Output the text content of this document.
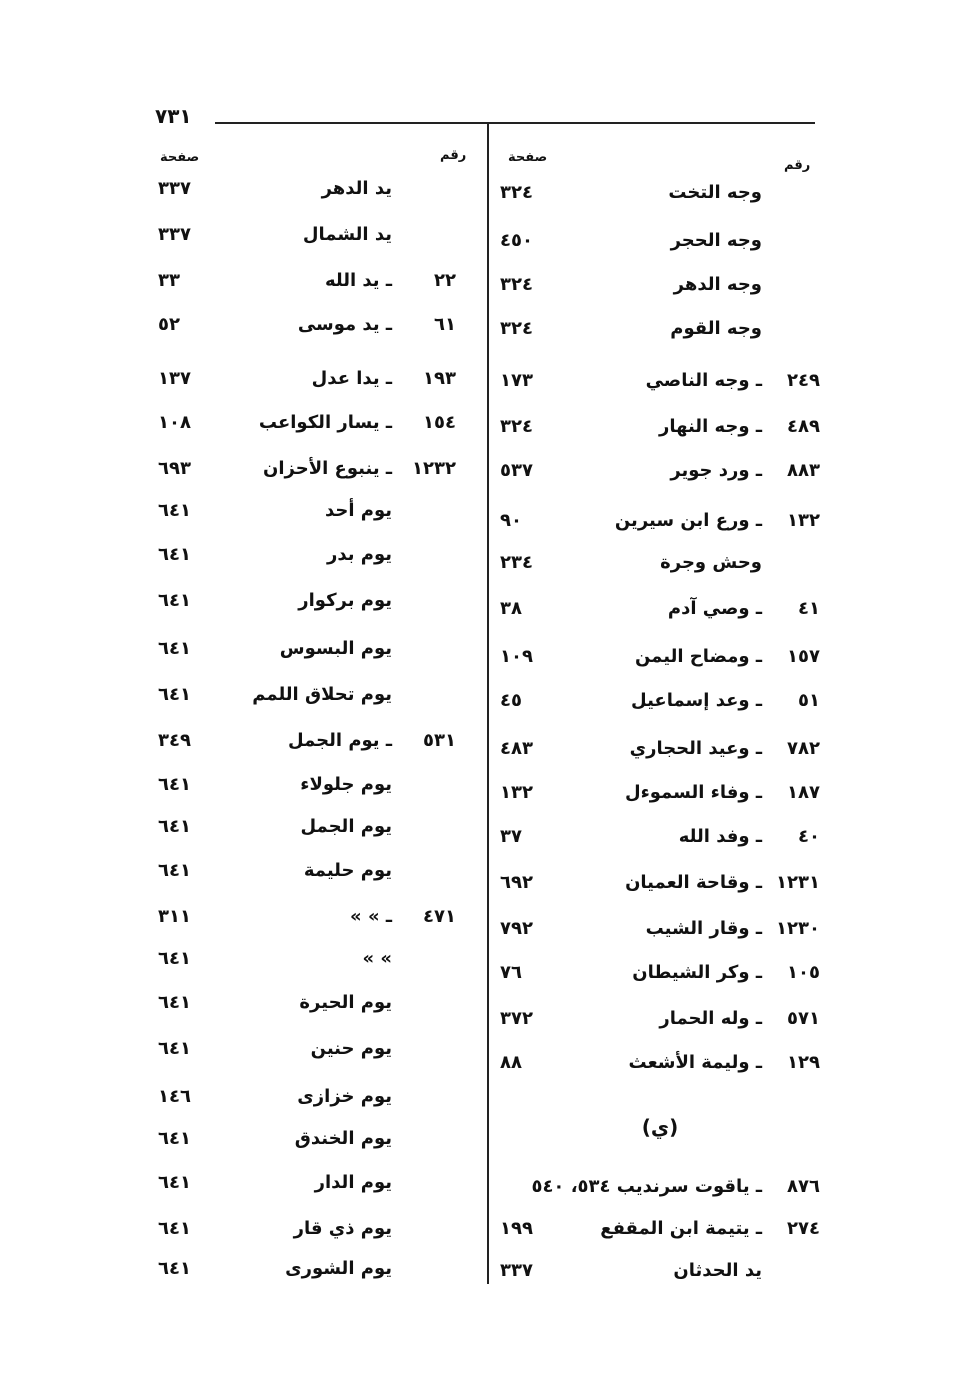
٧٣١
رقم
صفحة
رقم
صفحة
وجه التخت
٣٢٤
وجه الحجر
٤٥٠
وجه الدهر
٣٢٤
وجه القوم
٣٢٤
٢٤٩
ـ وجه الناصي
١٧٣
٤٨٩
ـ وجه النهار
٣٢٤
٨٨٣
ـ ورد جوير
٥٣٧
١٣٢
ـ ورع ابن سيرين
٩٠
وحش وجرة
٢٣٤
٤١
ـ وصي آدم
٣٨
١٥٧
ـ ومضاح اليمن
١٠٩
٥١
ـ وعد إسماعيل
٤٥
٧٨٢
ـ وعيد الحجاري
٤٨٣
١٨٧
ـ وفاء السموءل
١٣٢
٤٠
ـ وفد الله
٣٧
١٢٣١
ـ وقاحة العميان
٦٩٢
١٢٣٠
ـ وقار الشيب
٧٩٢
١٠٥
ـ وكر الشيطان
٧٦
٥٧١
ـ وله الحمار
٣٧٢
١٢٩
ـ وليمة الأشعث
٨٨
(ي)
٨٧٦
ـ ياقوت سرنديب ٥٣٤، ٥٤٠
٢٧٤
ـ يتيمة ابن المقفع
١٩٩
يد الحدثان
٣٣٧
يد الدهر
٣٣٧
يد الشمال
٣٣٧
٢٢
ـ يد الله
٣٣
٦١
ـ يد موسى
٥٢
١٩٣
ـ يدا عدل
١٣٧
١٥٤
ـ يسار الكواعب
١٠٨
١٢٣٢
ـ ينبوع الأحزان
٦٩٣
يوم أحد
٦٤١
يوم بدر
٦٤١
يوم بركوار
٦٤١
يوم البسوس
٦٤١
يوم تحلاق اللمم
٦٤١
٥٣١
ـ يوم الجمل
٣٤٩
يوم جلولاء
٦٤١
يوم الجمل
٦٤١
يوم حليمة
٦٤١
٤٧١
ـ » »
٣١١
» »
٦٤١
يوم الحيرة
٦٤١
يوم حنين
٦٤١
يوم خزازى
١٤٦
يوم الخندق
٦٤١
يوم الدار
٦٤١
يوم ذي قار
٦٤١
يوم الشورى
٦٤١
